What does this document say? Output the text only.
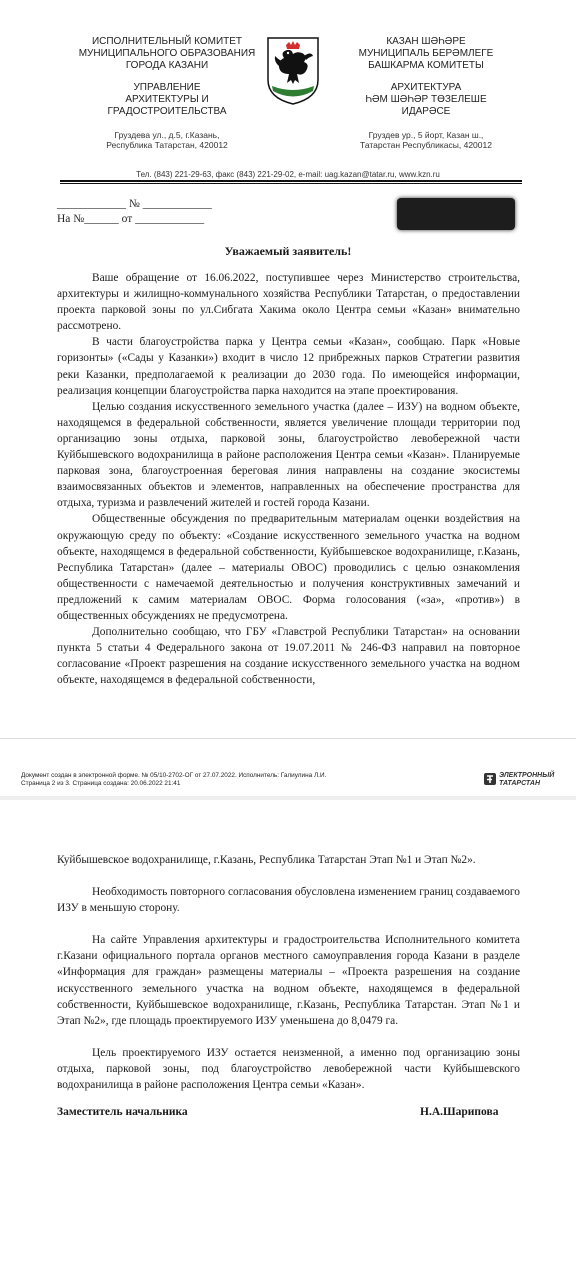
ИСПОЛНИТЕЛЬНЫЙ КОМИТЕТ
МУНИЦИПАЛЬНОГО ОБРАЗОВАНИЯ
ГОРОДА КАЗАНИ
УПРАВЛЕНИЕ
АРХИТЕКТУРЫ И
ГРАДОСТРОИТЕЛЬСТВА
Груздева ул., д.5, г.Казань,
Республика Татарстан, 420012
КАЗАН ШӘҺӘРЕ
МУНИЦИПАЛЬ БЕРӘМЛЕГЕ
БАШКАРМА КОМИТЕТЫ
АРХИТЕКТУРА
ҺӘМ ШӘҺӘР ТӨЗЕЛЕШЕ
ИДАРӘСЕ
Груздев ур., 5 йорт, Казан ш.,
Татарстан Республикасы, 420012
Тел. (843) 221-29-63, факс (843) 221-29-02, e-mail: uag.kazan@tatar.ru, www.kzn.ru
____________ № ____________
На №______ от ____________
Уважаемый заявитель!

Ваше обращение от 16.06.2022, поступившее через Министерство строительства, архитектуры и жилищно-коммунального хозяйства Республики Татарстан, о предоставлении проекта парковой зоны по ул.Сибгата Хакима около Центра семьи «Казан» внимательно рассмотрено.

В части благоустройства парка у Центра семьи «Казан», сообщаю. Парк «Новые горизонты» («Сады у Казанки») входит в число 12 прибрежных парков Стратегии развития реки Казанки, предполагаемой к реализации до 2030 года. По имеющейся информации, реализация концепции благоустройства парка находится на этапе проектирования.

Целью создания искусственного земельного участка (далее – ИЗУ) на водном объекте, находящемся в федеральной собственности, является увеличение площади территории под организацию зоны отдыха, парковой зоны, благоустройство левобережной части Куйбышевского водохранилища в районе расположения Центра семьи «Казан». Планируемые парковая зона, благоустроенная береговая линия направлены на создание экосистемы взаимосвязанных объектов и элементов, направленных на обеспечение пространства для отдыха, туризма и развлечений жителей и гостей города Казани.

Общественные обсуждения по предварительным материалам оценки воздействия на окружающую среду по объекту: «Создание искусственного земельного участка на водном объекте, находящемся в федеральной собственности, Куйбышевское водохранилище, г.Казань, Республика Татарстан» (далее – материалы ОВОС) проводились с целью ознакомления общественности с намечаемой деятельностью и получения конструктивных замечаний и предложений к самим материалам ОВОС. Форма голосования («за», «против») в общественных обсуждениях не предусмотрена.

Дополнительно сообщаю, что ГБУ «Главстрой Республики Татарстан» на основании пункта 5 статьи 4 Федерального закона от 19.07.2011 № 246-ФЗ направил на повторное согласование «Проект разрешения на создание искусственного земельного участка на водном объекте, находящемся в федеральной собственности,

Документ создан в электронной форме. № 05/10-2702-ОГ от 27.07.2022. Исполнитель: Галиулина Л.И.
Страница 2 из 3. Страница создана: 20.06.2022 21:41
ЭЛЕКТРОННЫЙ
ТАТАРСТАН
Куйбышевское водохранилище, г.Казань, Республика Татарстан Этап №1 и Этап №2».

Необходимость повторного согласования обусловлена изменением границ создаваемого ИЗУ в меньшую сторону.

На сайте Управления архитектуры и градостроительства Исполнительного комитета г.Казани официального портала органов местного самоуправления города Казани в разделе «Информация для граждан» размещены материалы – «Проекта разрешения на создание искусственного земельного участка на водном объекте, находящемся в федеральной собственности, Куйбышевское водохранилище, г.Казань, Республика Татарстан. Этап №1 и Этап №2», где площадь проектируемого ИЗУ уменьшена до 8,0479 га.

Цель проектируемого ИЗУ остается неизменной, а именно под организацию зоны отдыха, парковой зоны, под благоустройство левобережной части Куйбышевского водохранилища в районе расположения Центра семьи «Казан».

Заместитель начальника	Н.А.Шарипова
